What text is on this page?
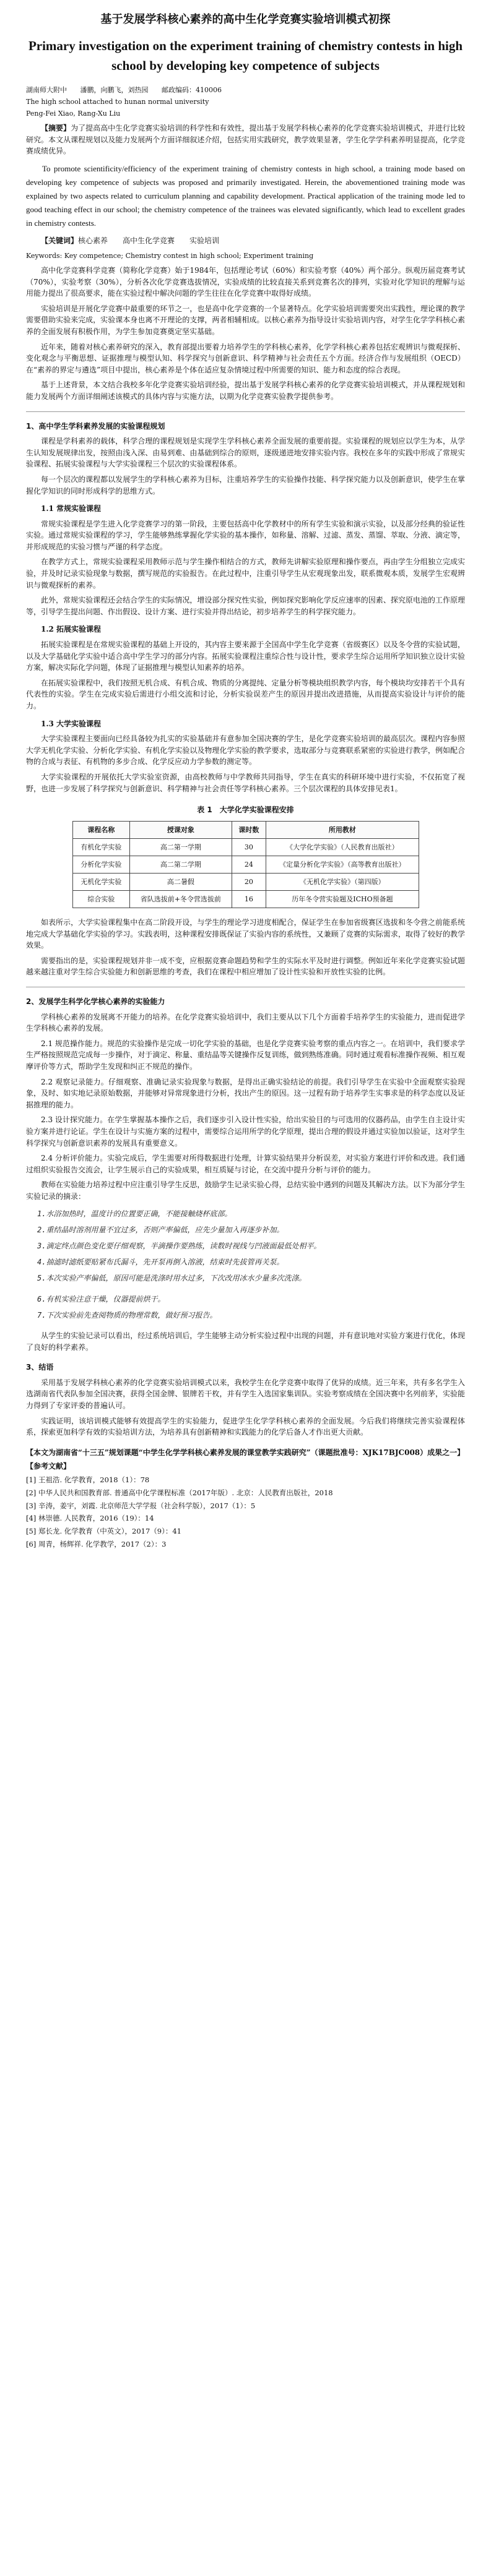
基于发展学科核心素养的高中生化学竞赛实验培训模式初探
Primary investigation on the experiment training of chemistry contests in high school by developing key competence of subjects
湖南师大附中 潘鹏，向鹏飞，刘热园 邮政编码：410006
The high school attached to hunan normal university
Peng-Fei Xiao, Rang-Xu Liu

【摘要】为了提高高中生化学竞赛实验培训的科学性和有效性，提出基于发展学科核心素养的化学竞赛实验培训模式，并进行比较研究。本文从课程规划以及能力发展两个方面详细叙述介绍，包括实用实践研究，教学效果显著，学生化学学科素养明显提高，化学竞赛成绩优异。

To promote scientificity/efficiency of the experiment training of chemistry contests in high school, a training mode based on developing key competence of subjects was proposed and primarily investigated. Herein, the abovementioned training mode was explained by two aspects related to curriculum planning and capability development. Practical application of the training mode led to good teaching effect in our school; the chemistry competence of the trainees was elevated significantly, which lead to excellent grades in chemistry contests.

【关键词】核心素养　　高中生化学竞赛　　实验培训

Keywords: Key competence; Chemistry contest in high school; Experiment training

高中化学竞赛科学竞赛（简称化学竞赛）始于1984年，包括理论考试（60%）和实验考察（40%）两个部分。纵观历届竞赛考试（70%），实验考察（30%），分析各次化学竞赛选拔情况，实验成绩的比较直接关系到竞赛名次的排列，实验对化学知识的理解与运用能力提出了很高要求，能在实验过程中解决问题的学生往往在化学竞赛中取得好成绩。

实验培训是开展化学竞赛中最重要的环节之一，也是高中化学竞赛的一个显著特点。化学实验培训需要突出实践性，理论课的教学需要借助实验来完成，实验课本身也离不开理论的支撑，两者相辅相成。以核心素养为指导设计实验培训内容，对学生化学学科核心素养的全面发展有积极作用，为学生参加竞赛奠定坚实基础。

近年来，随着对核心素养研究的深入，教育部提出要着力培养学生的学科核心素养，化学学科核心素养包括宏观辨识与微观探析、变化观念与平衡思想、证据推理与模型认知、科学探究与创新意识、科学精神与社会责任五个方面。经济合作与发展组织（OECD）在“素养的界定与遴选”项目中提出，核心素养是个体在适应复杂情境过程中所需要的知识、能力和态度的综合表现。

基于上述背景，本文结合我校多年化学竞赛实验培训经验，提出基于发展学科核心素养的化学竞赛实验培训模式，并从课程规划和能力发展两个方面详细阐述该模式的具体内容与实施方法，以期为化学竞赛实验教学提供参考。

1、高中学生学科素养发展的实验课程规划

课程是学科素养的载体，科学合理的课程规划是实现学生学科核心素养全面发展的重要前提。实验课程的规划应以学生为本，从学生认知发展规律出发，按照由浅入深、由易到难、由基础到综合的原则，逐级递进地安排实验内容。我校在多年的实践中形成了常规实验课程、拓展实验课程与大学实验课程三个层次的实验课程体系。

每一个层次的课程都以发展学生的学科核心素养为目标，注重培养学生的实验操作技能、科学探究能力以及创新意识，使学生在掌握化学知识的同时形成科学的思维方式。

1.1 常规实验课程

常规实验课程是学生进入化学竞赛学习的第一阶段，主要包括高中化学教材中的所有学生实验和演示实验，以及部分经典的验证性实验。通过常规实验课程的学习，学生能够熟练掌握化学实验的基本操作，如称量、溶解、过滤、蒸发、蒸馏、萃取、分液、滴定等，并形成规范的实验习惯与严谨的科学态度。

在教学方式上，常规实验课程采用教师示范与学生操作相结合的方式，教师先讲解实验原理和操作要点，再由学生分组独立完成实验，并及时记录实验现象与数据，撰写规范的实验报告。在此过程中，注重引导学生从宏观现象出发，联系微观本质，发展学生宏观辨识与微观探析的素养。

此外，常规实验课程还会结合学生的实际情况，增设部分探究性实验，例如探究影响化学反应速率的因素、探究原电池的工作原理等，引导学生提出问题、作出假设、设计方案、进行实验并得出结论，初步培养学生的科学探究能力。

1.2 拓展实验课程

拓展实验课程是在常规实验课程的基础上开设的，其内容主要来源于全国高中学生化学竞赛（省级赛区）以及冬令营的实验试题，以及大学基础化学实验中适合高中学生学习的部分内容。拓展实验课程注重综合性与设计性，要求学生综合运用所学知识独立设计实验方案，解决实际化学问题，体现了证据推理与模型认知素养的培养。

在拓展实验课程中，我们按照无机合成、有机合成、物质的分离提纯、定量分析等模块组织教学内容，每个模块均安排若干个具有代表性的实验。学生在完成实验后需进行小组交流和讨论，分析实验误差产生的原因并提出改进措施，从而提高实验设计与评价的能力。

1.3 大学实验课程

大学实验课程主要面向已经具备较为扎实的实验基础并有意参加全国决赛的学生，是化学竞赛实验培训的最高层次。课程内容参照大学无机化学实验、分析化学实验、有机化学实验以及物理化学实验的教学要求，选取部分与竞赛联系紧密的实验进行教学，例如配合物的合成与表征、有机物的多步合成、化学反应动力学参数的测定等。

大学实验课程的开展依托大学实验室资源，由高校教师与中学教师共同指导，学生在真实的科研环境中进行实验，不仅拓宽了视野，也进一步发展了科学探究与创新意识、科学精神与社会责任等学科核心素养。三个层次课程的具体安排见表1。

表 1　大学化学实验课程安排
课程名称	授课对象	课时数	所用教材
有机化学实验	高二第一学期	30	《大学化学实验》（人民教育出版社）
分析化学实验	高二第二学期	24	《定量分析化学实验》（高等教育出版社）
无机化学实验	高二暑假	20	《无机化学实验》（第四版）
综合实验	省队选拔前+冬令营选拔前	16	历年冬令营实验题及ICHO预备题

如表所示，大学实验课程集中在高二阶段开设，与学生的理论学习进度相配合，保证学生在参加省级赛区选拔和冬令营之前能系统地完成大学基础化学实验的学习。实践表明，这种课程安排既保证了实验内容的系统性，又兼顾了竞赛的实际需求，取得了较好的教学效果。

需要指出的是，实验课程规划并非一成不变，应根据竞赛命题趋势和学生的实际水平及时进行调整。例如近年来化学竞赛实验试题越来越注重对学生综合实验能力和创新思维的考查，我们在课程中相应增加了设计性实验和开放性实验的比例。

2、发展学生科学化学核心素养的实验能力

学科核心素养的发展离不开能力的培养。在化学竞赛实验培训中，我们主要从以下几个方面着手培养学生的实验能力，进而促进学生学科核心素养的发展。

2.1 规范操作能力。规范的实验操作是完成一切化学实验的基础，也是化学竞赛实验考察的重点内容之一。在培训中，我们要求学生严格按照规范完成每一步操作，对于滴定、称量、重结晶等关键操作反复训练，做到熟练准确。同时通过观看标准操作视频、相互观摩评价等方式，帮助学生发现和纠正不规范的操作。

2.2 观察记录能力。仔细观察、准确记录实验现象与数据，是得出正确实验结论的前提。我们引导学生在实验中全面观察实验现象，及时、如实地记录原始数据，并能够对异常现象进行分析，找出产生的原因。这一过程有助于培养学生实事求是的科学态度以及证据推理的能力。

2.3 设计探究能力。在学生掌握基本操作之后，我们逐步引入设计性实验，给出实验目的与可选用的仪器药品，由学生自主设计实验方案并进行论证。学生在设计与实施方案的过程中，需要综合运用所学的化学原理，提出合理的假设并通过实验加以验证，这对学生科学探究与创新意识素养的发展具有重要意义。

2.4 分析评价能力。实验完成后，学生需要对所得数据进行处理，计算实验结果并分析误差，对实验方案进行评价和改进。我们通过组织实验报告交流会，让学生展示自己的实验成果，相互质疑与讨论，在交流中提升分析与评价的能力。

教师在实验能力培养过程中应注重引导学生反思，鼓励学生记录实验心得，总结实验中遇到的问题及其解决方法。以下为部分学生实验记录的摘录：

1.水浴加热时，温度计的位置要正确，不能接触烧杯底部。
2.重结晶时溶剂用量不宜过多，否则产率偏低，应先少量加入再逐步补加。
3.滴定终点颜色变化要仔细观察，半滴操作要熟练，读数时视线与凹液面最低处相平。
4.抽滤时滤纸要贴紧布氏漏斗，先开泵再倒入溶液，结束时先拔管再关泵。
5.本次实验产率偏低，原因可能是洗涤时用水过多，下次改用冰水少量多次洗涤。
6.有机实验注意干燥，仪器提前烘干。
7.下次实验前先查阅物质的物理常数，做好预习报告。

从学生的实验记录可以看出，经过系统培训后，学生能够主动分析实验过程中出现的问题，并有意识地对实验方案进行优化，体现了良好的科学素养。

3、结语

采用基于发展学科核心素养的化学竞赛实验培训模式以来，我校学生在化学竞赛中取得了优异的成绩。近三年来，共有多名学生入选湖南省代表队参加全国决赛，获得全国金牌、银牌若干枚，并有学生入选国家集训队。实验考察成绩在全国决赛中名列前茅，实验能力得到了专家评委的普遍认可。

实践证明，该培训模式能够有效提高学生的实验能力，促进学生化学学科核心素养的全面发展。今后我们将继续完善实验课程体系，探索更加科学有效的实验培训方法，为培养具有创新精神和实践能力的化学后备人才作出更大贡献。

【本文为湖南省“十三五”规划课题“中学生化学学科核心素养发展的课堂教学实践研究”（课题批准号：XJK17BJC008）成果之一】
【参考文献】
[1] 王祖浩. 化学教育，2018（1）：78
[2] 中华人民共和国教育部. 普通高中化学课程标准（2017年版）. 北京：人民教育出版社，2018
[3] 辛涛，姜宇，刘霞. 北京师范大学学报（社会科学版），2017（1）：5
[4] 林崇德. 人民教育，2016（19）：14
[5] 郑长龙. 化学教育（中英文），2017（9）：41
[6] 周青，杨辉祥. 化学教学，2017（2）：3
